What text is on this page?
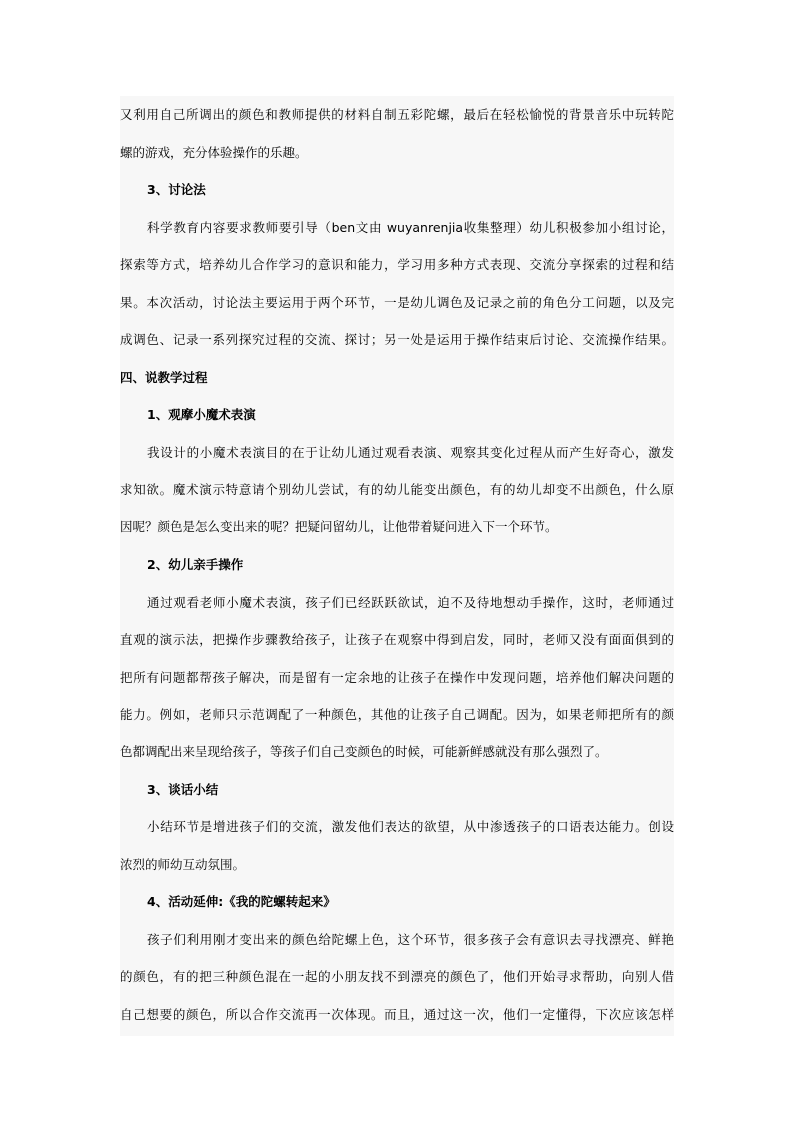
又利用自己所调出的颜色和教师提供的材料自制五彩陀螺，最后在轻松愉悦的背景音乐中玩转陀
螺的游戏，充分体验操作的乐趣。
3、讨论法
科学教育内容要求教师要引导（ben文由 wuyanrenjia收集整理）幼儿积极参加小组讨论，
探索等方式，培养幼儿合作学习的意识和能力，学习用多种方式表现、交流分享探索的过程和结
果。本次活动，讨论法主要运用于两个环节，一是幼儿调色及记录之前的角色分工问题，以及完
成调色、记录一系列探究过程的交流、探讨；另一处是运用于操作结束后讨论、交流操作结果。
四、说教学过程
1、观摩小魔术表演
我设计的小魔术表演目的在于让幼儿通过观看表演、观察其变化过程从而产生好奇心，激发
求知欲。魔术演示特意请个别幼儿尝试，有的幼儿能变出颜色，有的幼儿却变不出颜色，什么原
因呢？颜色是怎么变出来的呢？把疑问留幼儿，让他带着疑问进入下一个环节。
2、幼儿亲手操作
通过观看老师小魔术表演，孩子们已经跃跃欲试，迫不及待地想动手操作，这时，老师通过
直观的演示法，把操作步骤教给孩子，让孩子在观察中得到启发，同时，老师又没有面面俱到的
把所有问题都帮孩子解决，而是留有一定余地的让孩子在操作中发现问题，培养他们解决问题的
能力。例如，老师只示范调配了一种颜色，其他的让孩子自己调配。因为，如果老师把所有的颜
色都调配出来呈现给孩子，等孩子们自己变颜色的时候，可能新鲜感就没有那么强烈了。
3、谈话小结
小结环节是增进孩子们的交流，激发他们表达的欲望，从中渗透孩子的口语表达能力。创设
浓烈的师幼互动氛围。
4、活动延伸:《我的陀螺转起来》
孩子们利用刚才变出来的颜色给陀螺上色，这个环节，很多孩子会有意识去寻找漂亮、鲜艳
的颜色，有的把三种颜色混在一起的小朋友找不到漂亮的颜色了，他们开始寻求帮助，向别人借
自己想要的颜色，所以合作交流再一次体现。而且，通过这一次，他们一定懂得，下次应该怎样
